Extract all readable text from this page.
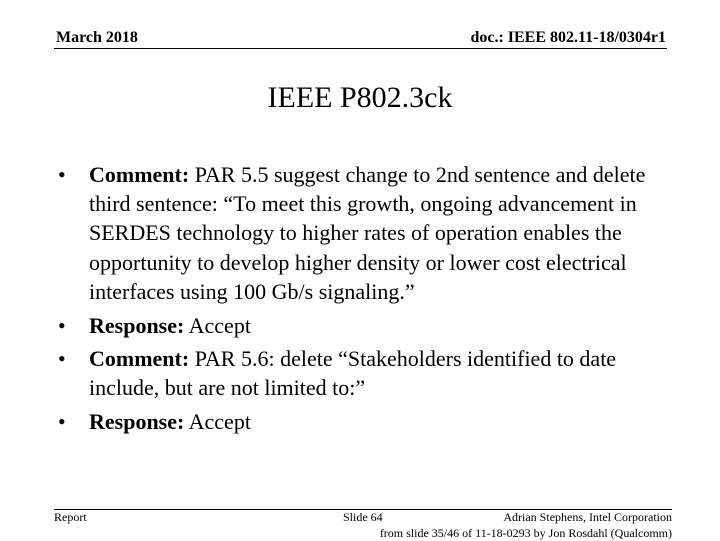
March 2018	doc.: IEEE 802.11-18/0304r1
IEEE P802.3ck
• Comment: PAR 5.5 suggest change to 2nd sentence and delete third sentence: “To meet this growth, ongoing advancement in SERDES technology to higher rates of operation enables the opportunity to develop higher density or lower cost electrical interfaces using 100 Gb/s signaling.”
• Response: Accept
• Comment: PAR 5.6: delete “Stakeholders identified to date include, but are not limited to:”
• Response: Accept
Report	Slide 64	Adrian Stephens, Intel Corporation
from slide 35/46 of 11-18-0293 by Jon Rosdahl (Qualcomm)
